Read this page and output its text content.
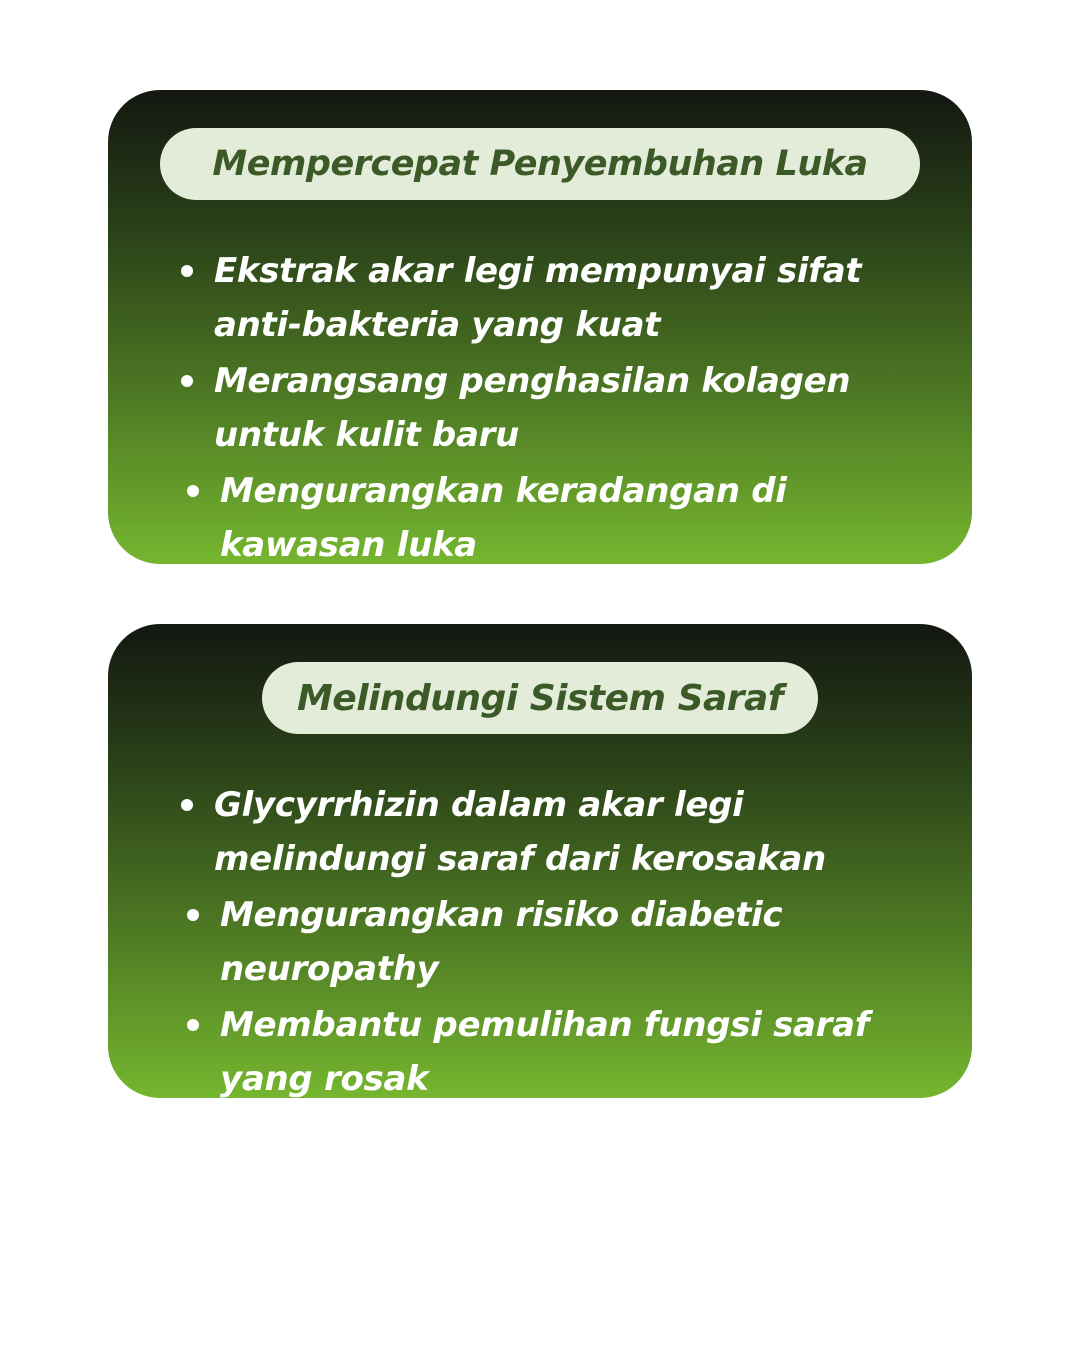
Mempercepat Penyembuhan Luka
Ekstrak akar legi mempunyai sifat anti-bakteria yang kuat
Merangsang penghasilan kolagen untuk kulit baru
Mengurangkan keradangan di kawasan luka
Melindungi Sistem Saraf
Glycyrrhizin dalam akar legi melindungi saraf dari kerosakan
Mengurangkan risiko diabetic neuropathy
Membantu pemulihan fungsi saraf yang rosak
